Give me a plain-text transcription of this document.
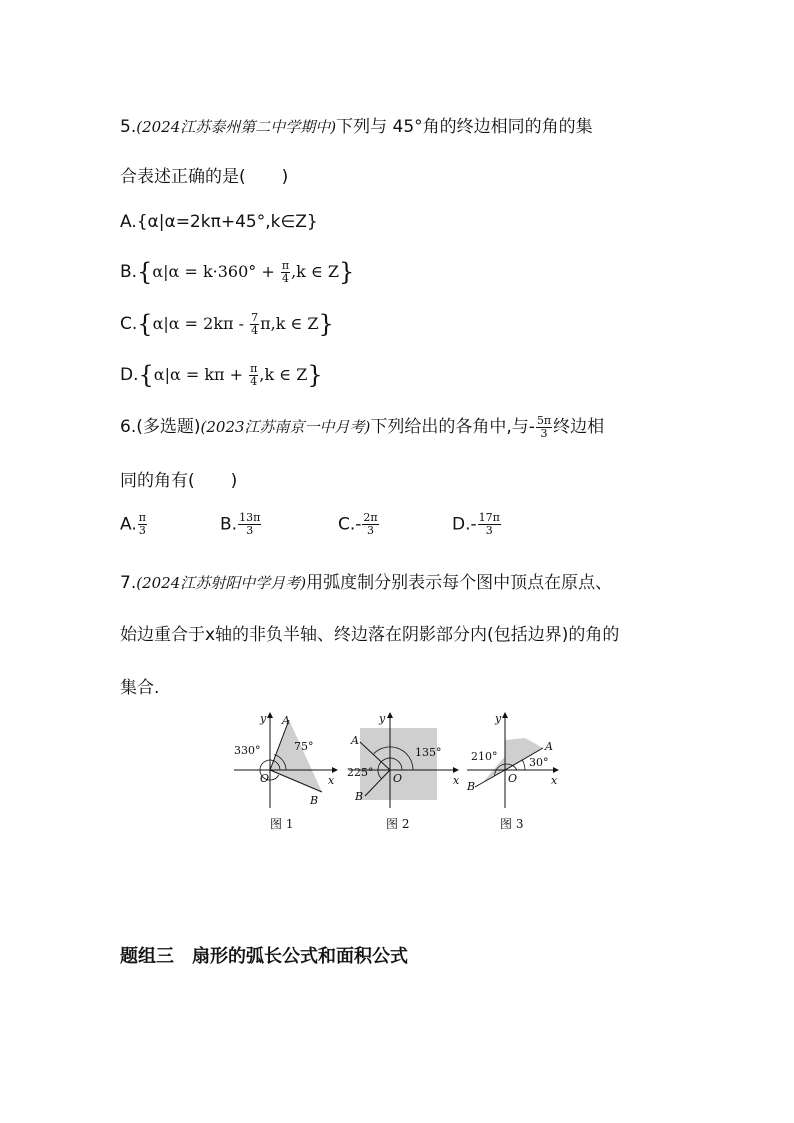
5.(2024江苏泰州第二中学期中)下列与 45°角的终边相同的角的集
合表述正确的是( )
A.{α|α=2kπ+45°,k∈Z}
$B.\{\alpha|\alpha = k\cdot 360^\circ + \frac{\pi}{4} ,k$ ∈ Z}
$C.\{\alpha|\alpha = 2k\pi - \frac{7}{4} \pi,k$ ∈ Z}
$D.\{\alpha|\alpha = k\pi + \frac{\pi}{4} ,k$ ∈ Z}
6.(多选题)(2023江苏南京一中月考)下列给出的各角中,与- $\frac{5\pi}{3}$ 终边相
同的角有( )
A. $\frac{\pi}{3}$	B. $\frac{13\pi}{3}$	$C.- \frac{2\pi}{3}$	$D.- \frac{17\pi}{3}$
7.(2024江苏射阳中学月考)用弧度制分别表示每个图中顶点在原点、
始边重合于x轴的非负半轴、终边落在阴影部分内(包括边界)的角的
集合.
330°	75°
A
B
O	x
y
225°
135°
A
B
O	x
y
210°	30°
A
B
O	x
y
图 1	图 2	图 3
题组三 扇形的弧长公式和面积公式
